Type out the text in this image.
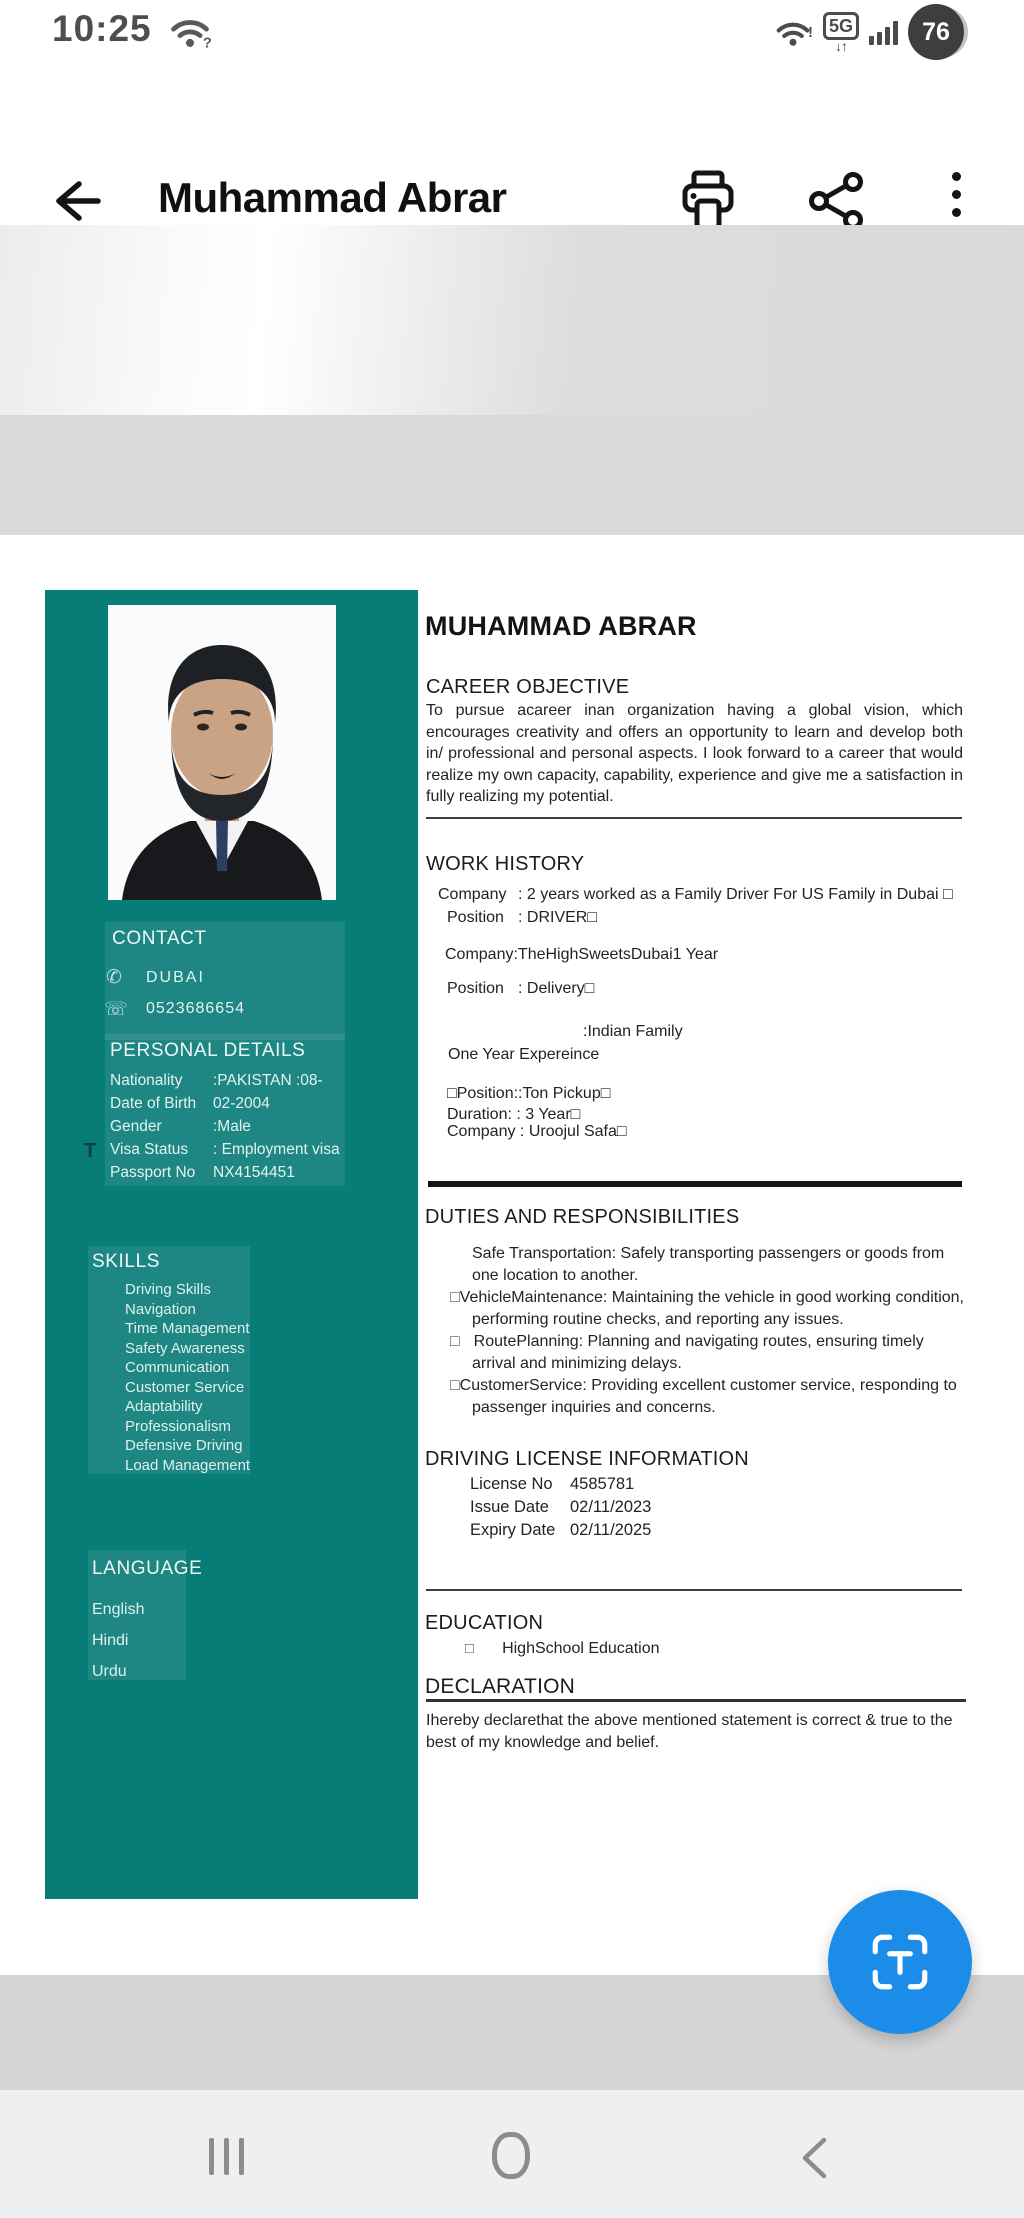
10:25	?
! 5G
↓↑
76
Muhammad Abrar
CONTACT
✆ DUBAI
☏ 0523686654
PERSONAL DETAILS
Nationality	:PAKISTAN :08-
Date of Birth	02-2004
Gender	:Male
Visa Status	: Employment visa
Passport No	NX4154451
T
SKILLS
Driving Skills
Navigation
Time Management
Safety Awareness
Communication
Customer Service
Adaptability
Professionalism
Defensive Driving
Load Management
LANGUAGE
English
Hindi
Urdu
MUHAMMAD ABRAR
CAREER OBJECTIVE
To pursue acareer inan organization having a global vision, which encourages creativity and offers an opportunity to learn and develop both in/ professional and personal aspects. I look forward to a career that would realize my own capacity, capability, experience and give me a satisfaction in fully realizing my potential.
WORK HISTORY
Company : 2 years worked as a Family Driver For US Family in Dubai □
Position : DRIVER□
Company:TheHighSweetsDubai1 Year
Position : Delivery□
:Indian Family
One Year Expereince
□Position: :Ton Pickup□
Duration: : 3 Year□
Company : Uroojul Safa□
DUTIES AND RESPONSIBILITIES
Safe Transportation: Safely transporting passengers or goods from one location to another.
□VehicleMaintenance: Maintaining the vehicle in good working condition, performing routine checks, and reporting any issues.
□ RoutePlanning: Planning and navigating routes, ensuring timely arrival and minimizing delays.
□CustomerService: Providing excellent customer service, responding to passenger inquiries and concerns.
DRIVING LICENSE INFORMATION
License No	4585781
Issue Date	02/11/2023
Expiry Date 02/11/2025
EDUCATION
□ HighSchool Education
DECLARATION
Ihereby declarethat the above mentioned statement is correct & true to the best of my knowledge and belief.
